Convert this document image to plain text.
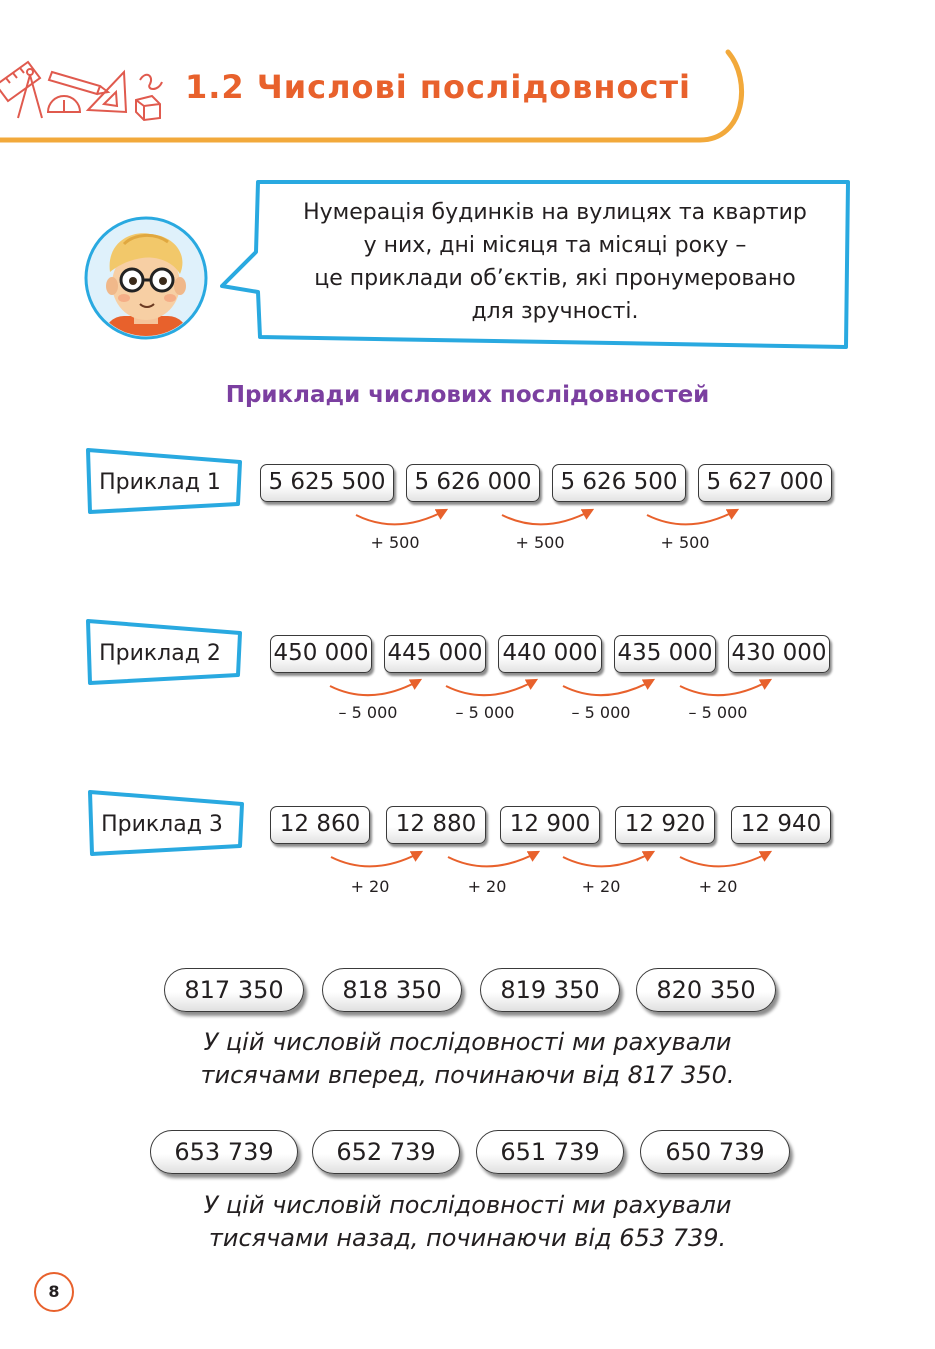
1.2 Числові послідовності
Нумерація будинків на вулицях та квартир
у них, дні місяця та місяці року –
це приклади об’єктів, які пронумеровано
для зручності.
Приклади числових послідовностей
Приклад 1
Приклад 2
Приклад 3
5 625 500	5 626 000	5 626 500	5 627 000
450 000 445 000 440 000 435 000 430 000
12 860	12 880	12 900	12 920	12 940
+ 500	+ 500	+ 500
– 5 000	– 5 000	– 5 000	– 5 000
+ 20	+ 20	+ 20	+ 20
817 350	818 350	819 350	820 350
У цій числовій послідовності ми рахували
тисячами вперед, починаючи від 817 350.
653 739	652 739	651 739	650 739
У цій числовій послідовності ми рахували
тисячами назад, починаючи від 653 739.
8
